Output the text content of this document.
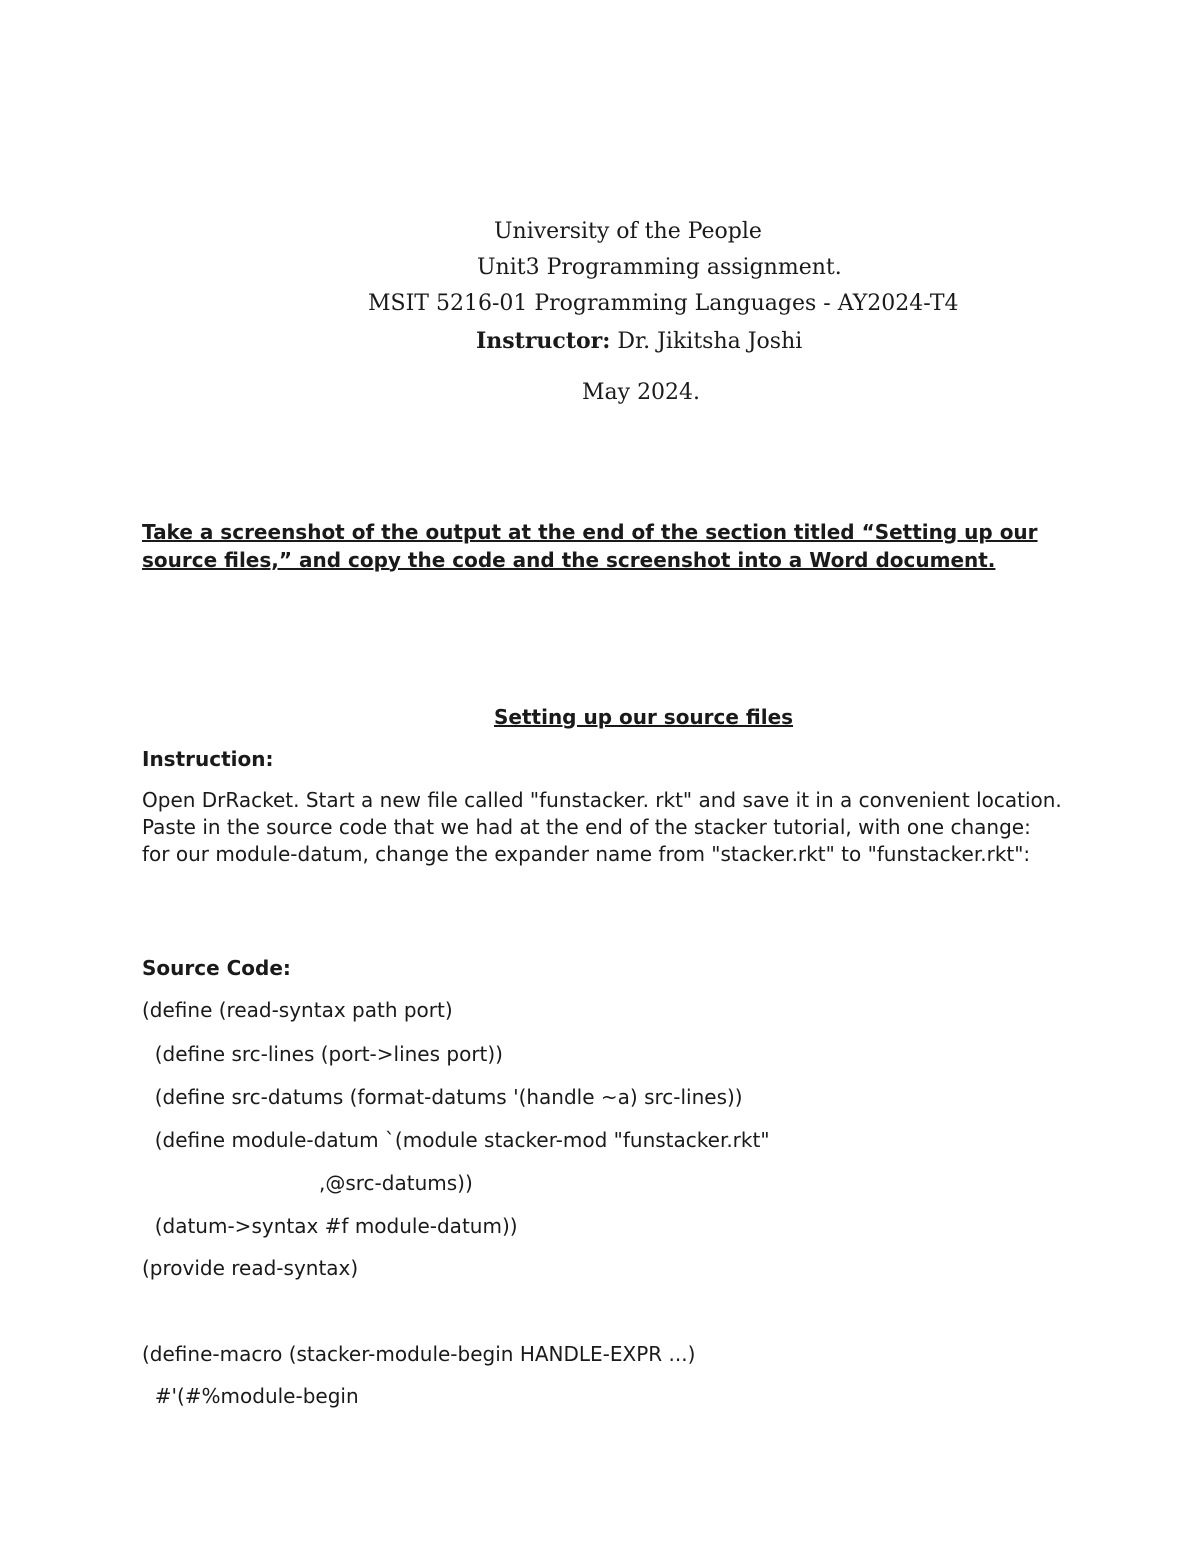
University of the People
Unit3 Programming assignment.
MSIT 5216-01 Programming Languages - AY2024-T4
Instructor: Dr. Jikitsha Joshi
May 2024.
Take a screenshot of the output at the end of the section titled “Setting up our source files,” and copy the code and the screenshot into a Word document.
Setting up our source files
Instruction:
Open DrRacket. Start a new file called "funstacker. rkt" and save it in a convenient location. Paste in the source code that we had at the end of the stacker tutorial, with one change: for our module-datum, change the expander name from "stacker.rkt" to "funstacker.rkt":
Source Code:
(define (read-syntax path port)
(define src-lines (port->lines port))
(define src-datums (format-datums '(handle ~a) src-lines))
(define module-datum `(module stacker-mod "funstacker.rkt"
,@src-datums))
(datum->syntax #f module-datum))
(provide read-syntax)
(define-macro (stacker-module-begin HANDLE-EXPR ...)
#'(#%module-begin
